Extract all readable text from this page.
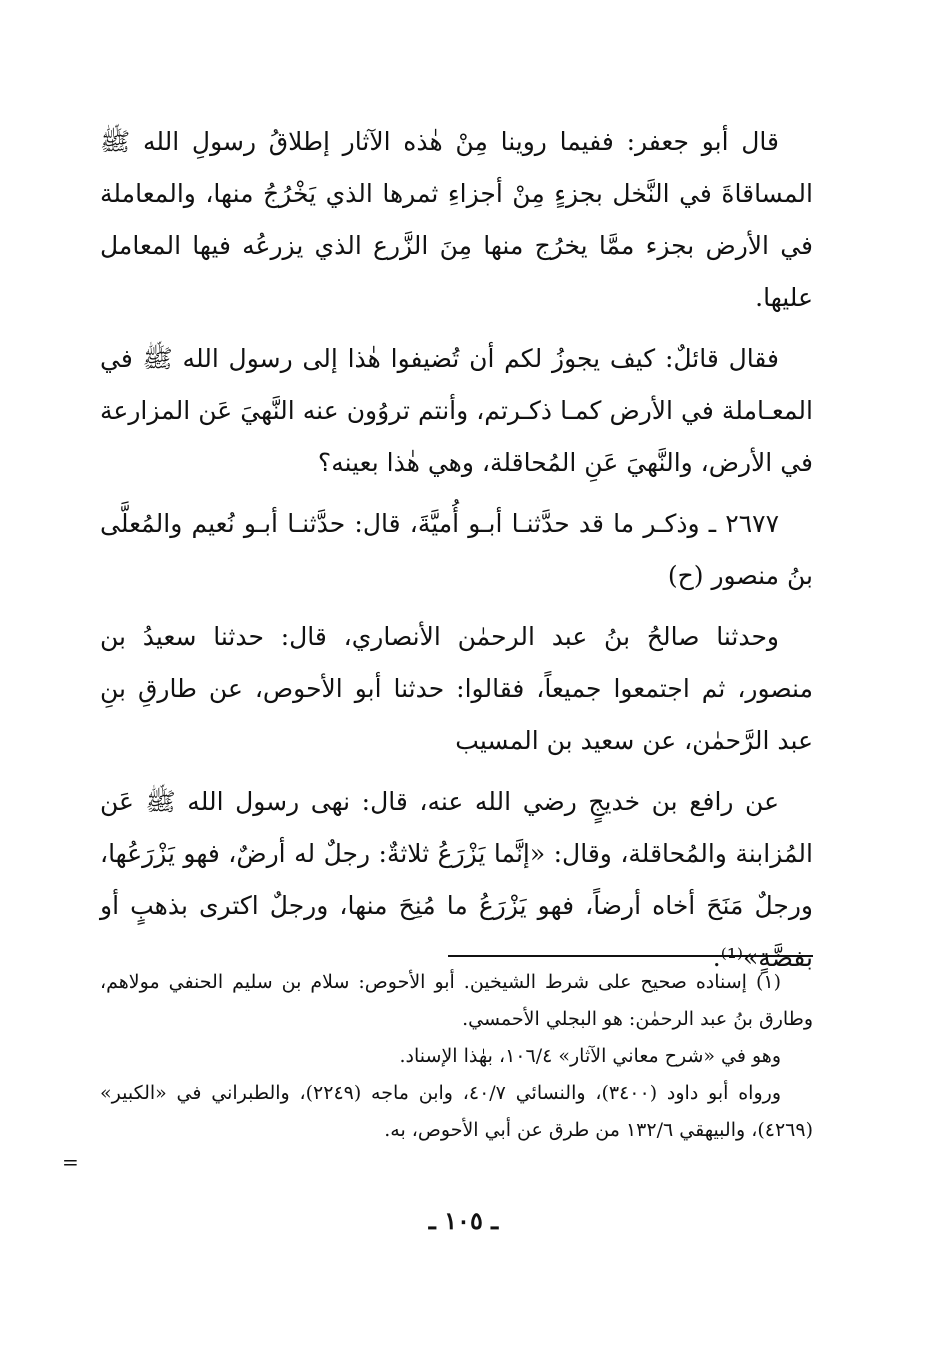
قال أبو جعفر: ففيما روينا مِنْ هٰذه الآثار إطلاقُ رسولِ الله ﷺ المساقاةَ في النَّخل بجزءٍ مِنْ أجزاءِ ثمرها الذي يَخْرُجُ منها، والمعاملة في الأرض بجزء ممَّا يخرُج منها مِنَ الزَّرع الذي يزرعُه فيها المعامل عليها.

فقال قائلٌ: كيف يجوزُ لكم أن تُضيفوا هٰذا إلى رسول الله ﷺ في المعـاملة في الأرض كمـا ذكـرتم، وأنتم تروُون عنه النَّهيَ عَن المزارعة في الأرض، والنَّهيَ عَنِ المُحاقلة، وهي هٰذا بعينه؟

٢٦٧٧ ـ وذكـر ما قد حدَّثنـا أبـو أُميَّةَ، قال: حدَّثنـا أبـو نُعيم والمُعلَّى بنُ منصور (ح)

وحدثنا صالحُ بنُ عبد الرحمٰن الأنصاري، قال: حدثنا سعيدُ بن منصور، ثم اجتمعوا جميعاً، فقالوا: حدثنا أبو الأحوص، عن طارقِ بنِ عبد الرَّحمٰن، عن سعيد بن المسيب

عن رافع بن خديجٍ رضي الله عنه، قال: نهى رسول الله ﷺ عَن المُزابنة والمُحاقلة، وقال: «إنَّما يَزْرَعُ ثلاثةٌ: رجلٌ له أرضٌ، فهو يَزْرَعُها، ورجلٌ مَنَحَ أخاه أرضاً، فهو يَزْرَعُ ما مُنِحَ منها، ورجلٌ اكترى بذهبٍ أو بفضَّةٍ»⁽¹⁾.

(١) إسناده صحيح على شرط الشيخين. أبو الأحوص: سلام بن سليم الحنفي مولاهم، وطارق بنُ عبد الرحمٰن: هو البجلي الأحمسي.

وهو في «شرح معاني الآثار» ١٠٦/٤، بهٰذا الإسناد.

ورواه أبو داود (٣٤٠٠)، والنسائي ٤٠/٧، وابن ماجه (٢٢٤٩)، والطبراني في «الكبير» (٤٢٦٩)، والبيهقي ١٣٢/٦ من طرق عن أبي الأحوص، به.

=
ـ ١٠٥ ـ
